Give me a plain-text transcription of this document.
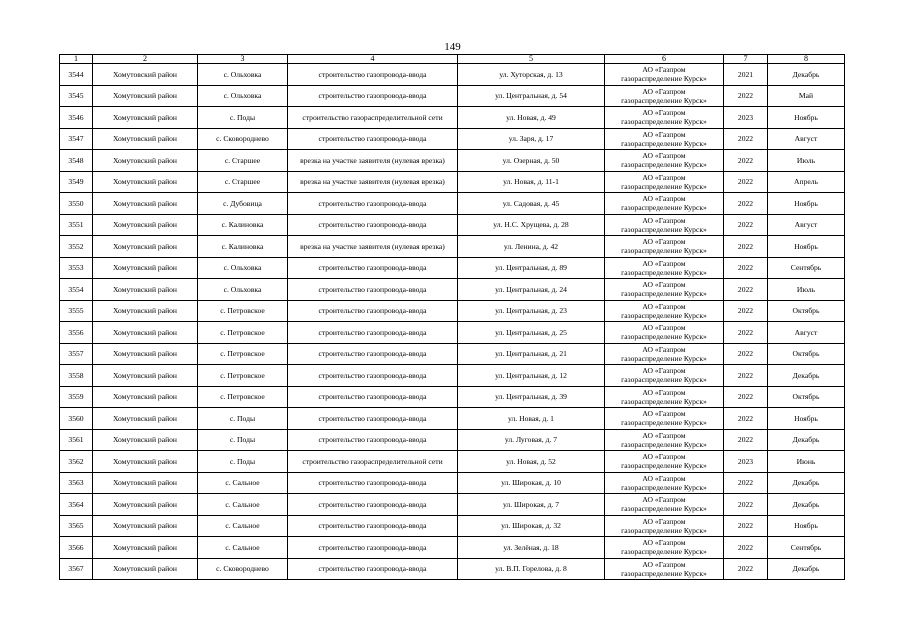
149
1	2	3	4	5	6	7	8
3544	Хомутовский район	с. Ольховка	строительство газопровода-ввода	ул. Хуторская, д. 13	АО «Газпром
газораспределение Курск»	2021	Декабрь
3545	Хомутовский район	с. Ольховка	строительство газопровода-ввода	ул. Центральная, д. 54	АО «Газпром
газораспределение Курск»	2022	Май
3546	Хомутовский район	с. Поды	строительство газораспределительной сети	ул. Новая, д. 49	АО «Газпром
газораспределение Курск»	2023	Ноябрь
3547	Хомутовский район	с. Сковороднево	строительство газопровода-ввода	ул. Заря, д. 17	АО «Газпром
газораспределение Курск»	2022	Август
3548	Хомутовский район	с. Старшее	врезка на участке заявителя (нулевая врезка)	ул. Озерная, д. 50	АО «Газпром
газораспределение Курск»	2022	Июль
3549	Хомутовский район	с. Старшее	врезка на участке заявителя (нулевая врезка)	ул. Новая, д. 11-1	АО «Газпром
газораспределение Курск»	2022	Апрель
3550	Хомутовский район	с. Дубовица	строительство газопровода-ввода	ул. Садовая, д. 45	АО «Газпром
газораспределение Курск»	2022	Ноябрь
3551	Хомутовский район	с. Калиновка	строительство газопровода-ввода	ул. Н.С. Хрущева, д. 28	АО «Газпром
газораспределение Курск»	2022	Август
3552	Хомутовский район	с. Калиновка	врезка на участке заявителя (нулевая врезка)	ул. Ленина, д. 42	АО «Газпром
газораспределение Курск»	2022	Ноябрь
3553	Хомутовский район	с. Ольховка	строительство газопровода-ввода	ул. Центральная, д. 89	АО «Газпром
газораспределение Курск»	2022	Сентябрь
3554	Хомутовский район	с. Ольховка	строительство газопровода-ввода	ул. Центральная, д. 24	АО «Газпром
газораспределение Курск»	2022	Июль
3555	Хомутовский район	с. Петровское	строительство газопровода-ввода	ул. Центральная, д. 23	АО «Газпром
газораспределение Курск»	2022	Октябрь
3556	Хомутовский район	с. Петровское	строительство газопровода-ввода	ул. Центральная, д. 25	АО «Газпром
газораспределение Курск»	2022	Август
3557	Хомутовский район	с. Петровское	строительство газопровода-ввода	ул. Центральная, д. 21	АО «Газпром
газораспределение Курск»	2022	Октябрь
3558	Хомутовский район	с. Петровское	строительство газопровода-ввода	ул. Центральная, д. 12	АО «Газпром
газораспределение Курск»	2022	Декабрь
3559	Хомутовский район	с. Петровское	строительство газопровода-ввода	ул. Центральная, д. 39	АО «Газпром
газораспределение Курск»	2022	Октябрь
3560	Хомутовский район	с. Поды	строительство газопровода-ввода	ул. Новая, д. 1	АО «Газпром
газораспределение Курск»	2022	Ноябрь
3561	Хомутовский район	с. Поды	строительство газопровода-ввода	ул. Луговая, д. 7	АО «Газпром
газораспределение Курск»	2022	Декабрь
3562	Хомутовский район	с. Поды	строительство газораспределительной сети	ул. Новая, д. 52	АО «Газпром
газораспределение Курск»	2023	Июнь
3563	Хомутовский район	с. Сальное	строительство газопровода-ввода	ул. Широкая, д. 10	АО «Газпром
газораспределение Курск»	2022	Декабрь
3564	Хомутовский район	с. Сальное	строительство газопровода-ввода	ул. Широкая, д. 7	АО «Газпром
газораспределение Курск»	2022	Декабрь
3565	Хомутовский район	с. Сальное	строительство газопровода-ввода	ул. Широкая, д. 32	АО «Газпром
газораспределение Курск»	2022	Ноябрь
3566	Хомутовский район	с. Сальное	строительство газопровода-ввода	ул. Зелёная, д. 18	АО «Газпром
газораспределение Курск»	2022	Сентябрь
3567	Хомутовский район	с. Сковороднево	строительство газопровода-ввода	ул. В.П. Горелова, д. 8	АО «Газпром
газораспределение Курск»	2022	Декабрь
